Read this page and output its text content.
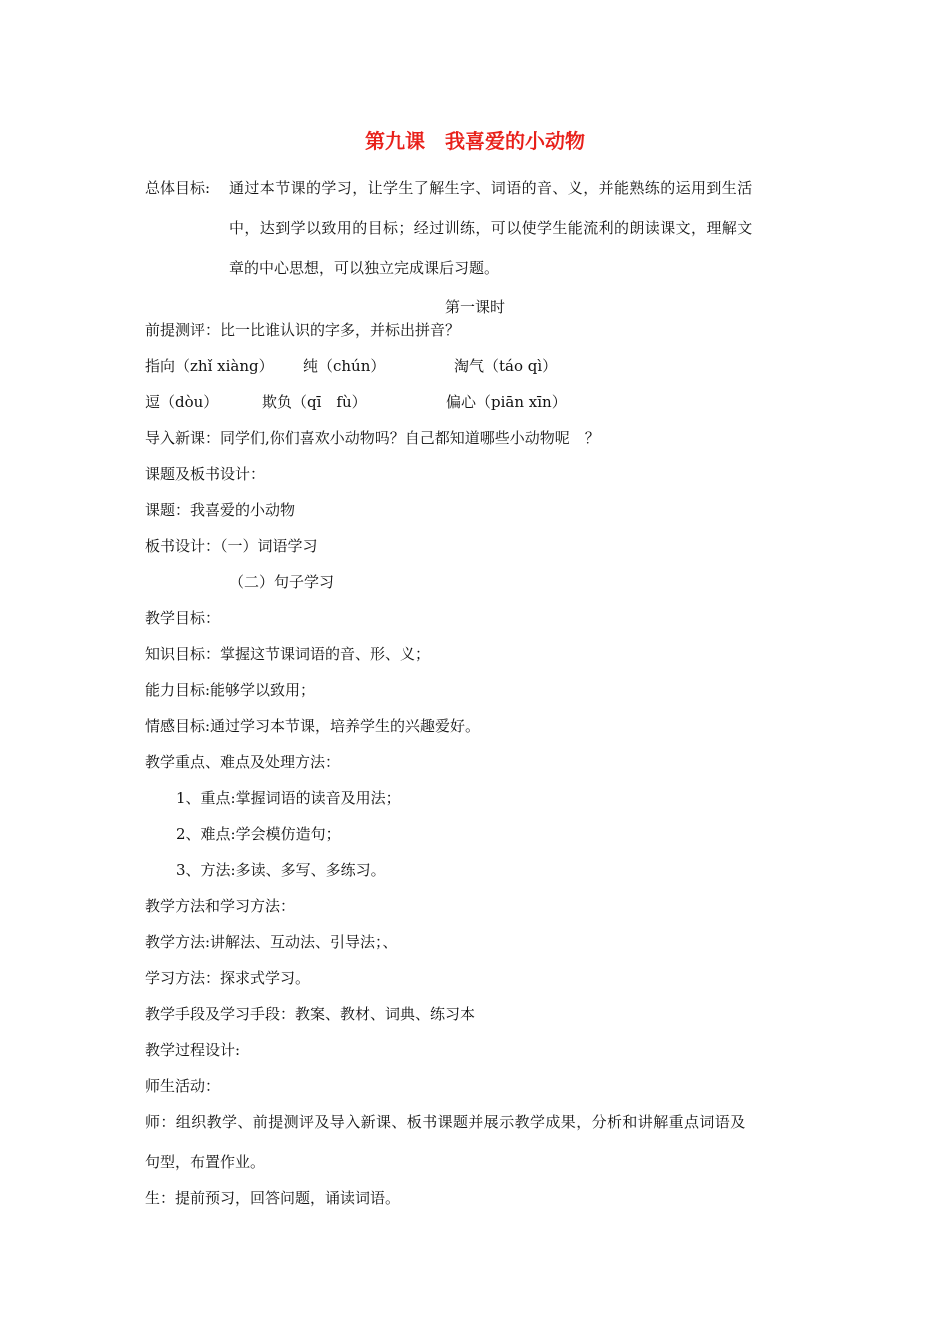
第九课　我喜爱的小动物
总体目标: 通过本节课的学习，让学生了解生字、词语的音、义，并能熟练的运用到生活
中，达到学以致用的目标；经过训练，可以使学生能流利的朗读课文，理解文
章的中心思想，可以独立完成课后习题。
第一课时
前提测评：比一比谁认识的字多，并标出拼音？
指向（zhǐ xiàng） 纯（chún）	淘气（táo qì）
逗（dòu）	欺负（qī　fù）	偏心（piān xīn）
导入新课：同学们,你们喜欢小动物吗？自己都知道哪些小动物呢　？
课题及板书设计：
课题：我喜爱的小动物
板书设计：（一）词语学习
（二）句子学习
教学目标：
知识目标：掌握这节课词语的音、形、义；
能力目标:能够学以致用；
情感目标:通过学习本节课，培养学生的兴趣爱好。
教学重点、难点及处理方法：
1、重点:掌握词语的读音及用法；
2、难点:学会模仿造句；
3、方法:多读、多写、多练习。
教学方法和学习方法：
教学方法:讲解法、互动法、引导法；、
学习方法：探求式学习。
教学手段及学习手段：教案、教材、词典、练习本
教学过程设计:
师生活动：
师：组织教学、前提测评及导入新课、板书课题并展示教学成果，分析和讲解重点词语及
句型，布置作业。
生：提前预习，回答问题，诵读词语。
